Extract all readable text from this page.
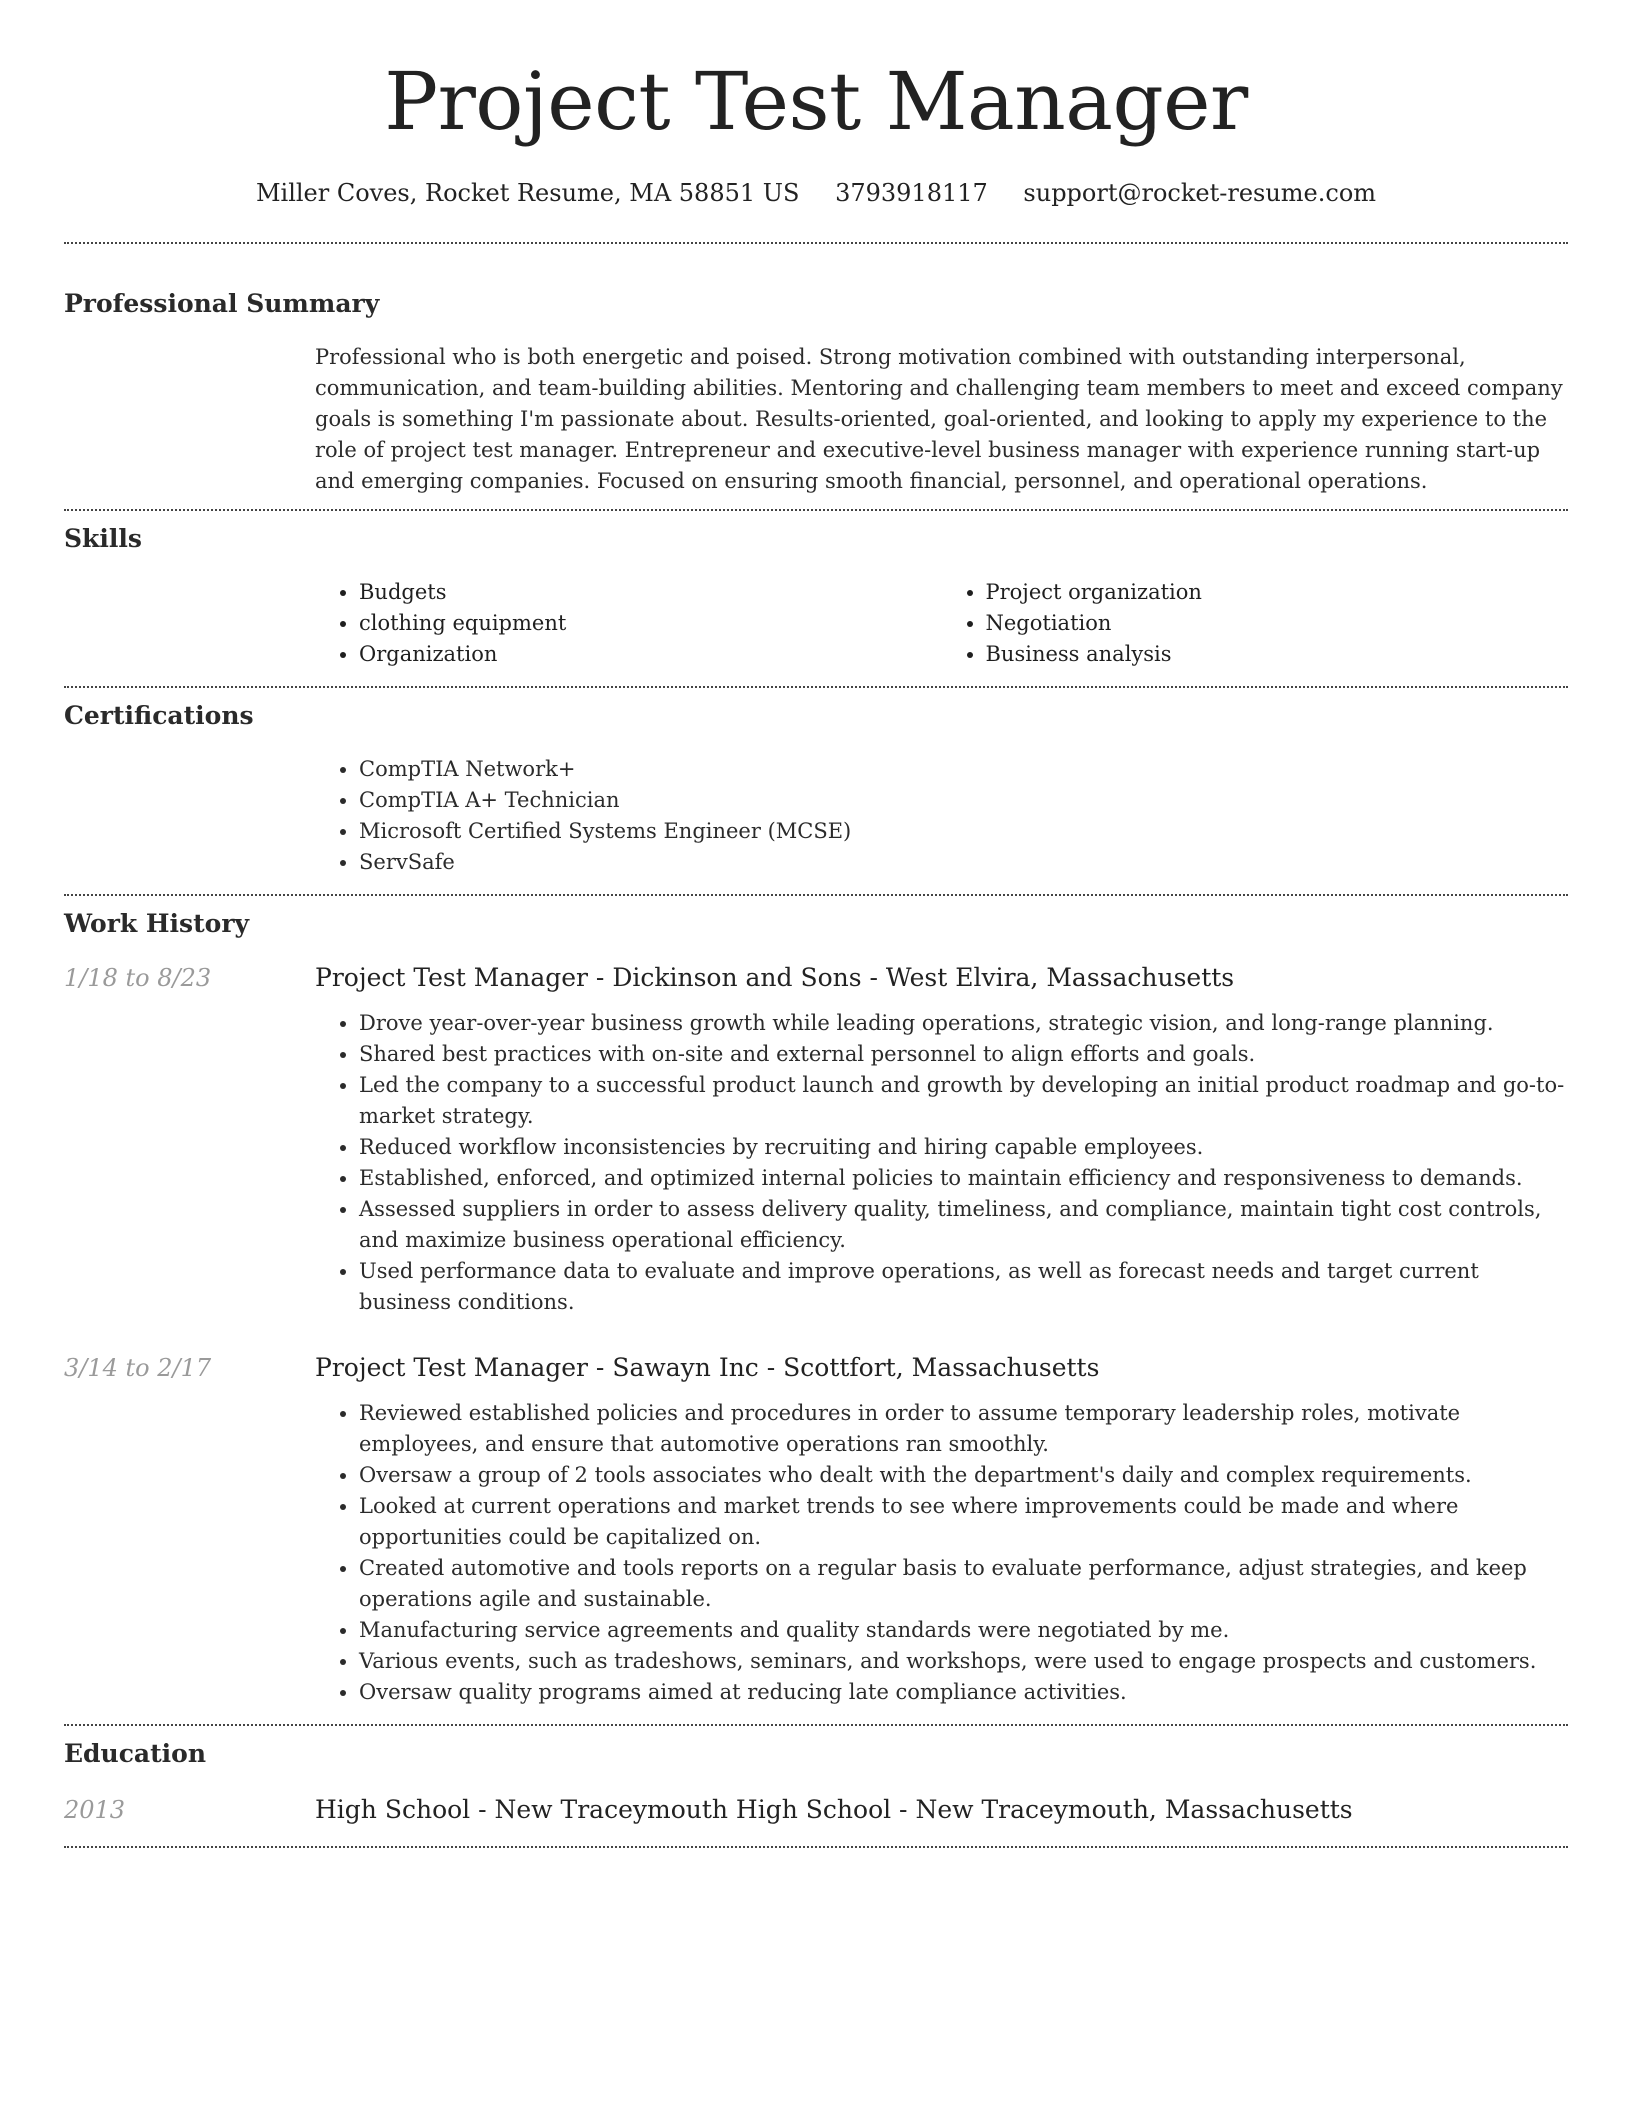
Project Test Manager
Miller Coves, Rocket Resume, MA 58851 US 3793918117 support@rocket-resume.com
Professional Summary
Professional who is both energetic and poised. Strong motivation combined with outstanding interpersonal, communication, and team-building abilities. Mentoring and challenging team members to meet and exceed company goals is something I'm passionate about. Results-oriented, goal-oriented, and looking to apply my experience to the role of project test manager. Entrepreneur and executive-level business manager with experience running start-up and emerging companies. Focused on ensuring smooth financial, personnel, and operational operations.
Skills
• Budgets
• clothing equipment
• Organization
• Project organization
• Negotiation
• Business analysis
Certifications
• CompTIA Network+
• CompTIA A+ Technician
• Microsoft Certified Systems Engineer (MCSE)
• ServSafe
Work History
1/18 to 8/23	Project Test Manager - Dickinson and Sons - West Elvira, Massachusetts
• Drove year-over-year business growth while leading operations, strategic vision, and long-range planning.
• Shared best practices with on-site and external personnel to align efforts and goals.
• Led the company to a successful product launch and growth by developing an initial product roadmap and go-to-market strategy.
• Reduced workflow inconsistencies by recruiting and hiring capable employees.
• Established, enforced, and optimized internal policies to maintain efficiency and responsiveness to demands.
• Assessed suppliers in order to assess delivery quality, timeliness, and compliance, maintain tight cost controls, and maximize business operational efficiency.
• Used performance data to evaluate and improve operations, as well as forecast needs and target current business conditions.
3/14 to 2/17	Project Test Manager - Sawayn Inc - Scottfort, Massachusetts
• Reviewed established policies and procedures in order to assume temporary leadership roles, motivate employees, and ensure that automotive operations ran smoothly.
• Oversaw a group of 2 tools associates who dealt with the department's daily and complex requirements.
• Looked at current operations and market trends to see where improvements could be made and where opportunities could be capitalized on.
• Created automotive and tools reports on a regular basis to evaluate performance, adjust strategies, and keep operations agile and sustainable.
• Manufacturing service agreements and quality standards were negotiated by me.
• Various events, such as tradeshows, seminars, and workshops, were used to engage prospects and customers.
• Oversaw quality programs aimed at reducing late compliance activities.
Education
2013	High School - New Traceymouth High School - New Traceymouth, Massachusetts
